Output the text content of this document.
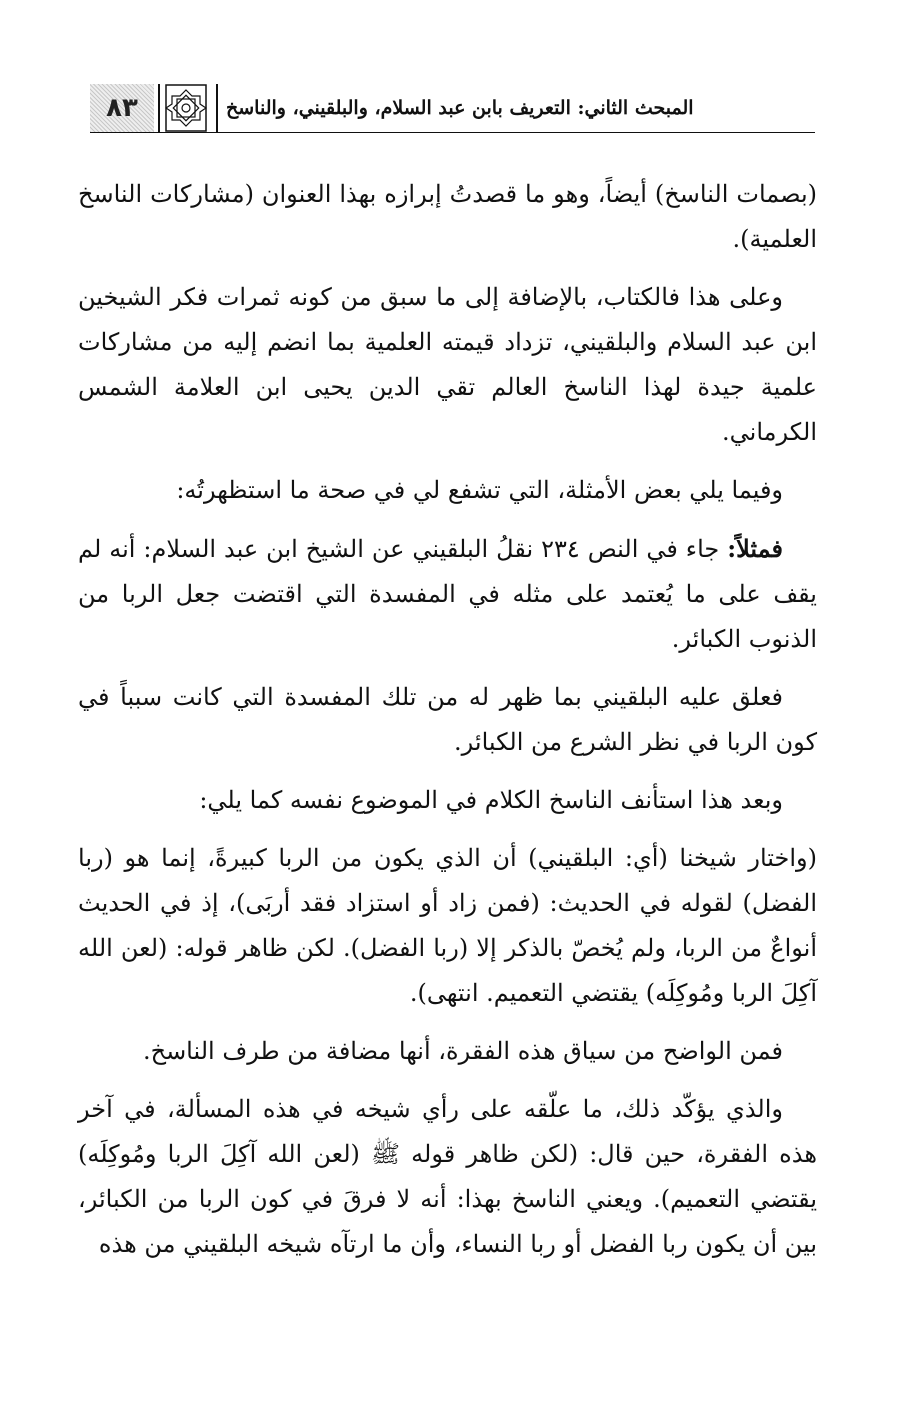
٨٣	المبحث الثاني: التعريف بابن عبد السلام، والبلقيني، والناسخ

(بصمات الناسخ) أيضاً، وهو ما قصدتُ إبرازه بهذا العنوان (مشاركات الناسخ العلمية).

وعلى هذا فالكتاب، بالإضافة إلى ما سبق من كونه ثمرات فكر الشيخين ابن عبد السلام والبلقيني، تزداد قيمته العلمية بما انضم إليه من مشاركات علمية جيدة لهذا الناسخ العالم تقي الدين يحيى ابن العلامة الشمس الكرماني.

وفيما يلي بعض الأمثلة، التي تشفع لي في صحة ما استظهرتُه:

فمثلاً: جاء في النص ٢٣٤ نقلُ البلقيني عن الشيخ ابن عبد السلام: أنه لم يقف على ما يُعتمد على مثله في المفسدة التي اقتضت جعل الربا من الذنوب الكبائر.

فعلق عليه البلقيني بما ظهر له من تلك المفسدة التي كانت سبباً في كون الربا في نظر الشرع من الكبائر.

وبعد هذا استأنف الناسخ الكلام في الموضوع نفسه كما يلي:

(واختار شيخنا (أي: البلقيني) أن الذي يكون من الربا كبيرةً، إنما هو (ربا الفضل) لقوله في الحديث: (فمن زاد أو استزاد فقد أربَى)، إذ في الحديث أنواعٌ من الربا، ولم يُخصّ بالذكر إلا (ربا الفضل). لكن ظاهر قوله: (لعن الله آكِلَ الربا ومُوكِلَه) يقتضي التعميم. انتهى).

فمن الواضح من سياق هذه الفقرة، أنها مضافة من طرف الناسخ.

والذي يؤكّد ذلك، ما علّقه على رأي شيخه في هذه المسألة، في آخر هذه الفقرة، حين قال: (لكن ظاهر قوله ﷺ (لعن الله آكِلَ الربا ومُوكِلَه) يقتضي التعميم). ويعني الناسخ بهذا: أنه لا فرقَ في كون الربا من الكبائر، بين أن يكون ربا الفضل أو ربا النساء، وأن ما ارتآه شيخه البلقيني من هذه
